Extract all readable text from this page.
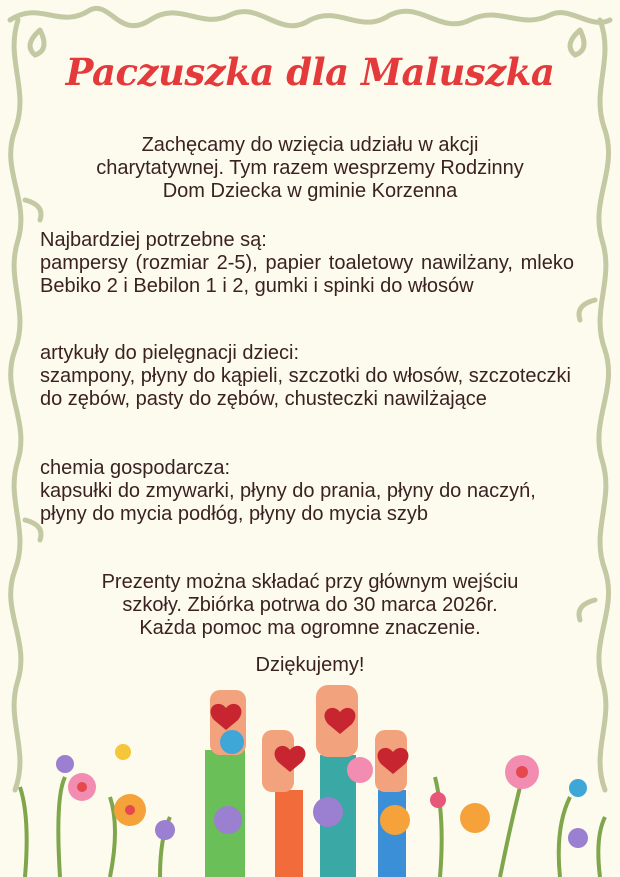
Paczuszka dla Maluszka

Zachęcamy do wzięcia udziału w akcji

charytatywnej. Tym razem wesprzemy Rodzinny

Dom Dziecka w gminie Korzenna

Najbardziej potrzebne są:

pampersy (rozmiar 2-5), papier toaletowy nawilżany, mleko Bebiko 2 i Bebilon 1 i 2, gumki i spinki do włosów

artykuły do pielęgnacji dzieci:

szampony, płyny do kąpieli, szczotki do włosów, szczoteczki do zębów, pasty do zębów, chusteczki nawilżające

chemia gospodarcza:

kapsułki do zmywarki, płyny do prania, płyny do naczyń, płyny do mycia podłóg, płyny do mycia szyb

Prezenty można składać przy głównym wejściu

szkoły. Zbiórka potrwa do 30 marca 2026r.

Każda pomoc ma ogromne znaczenie.

Dziękujemy!
